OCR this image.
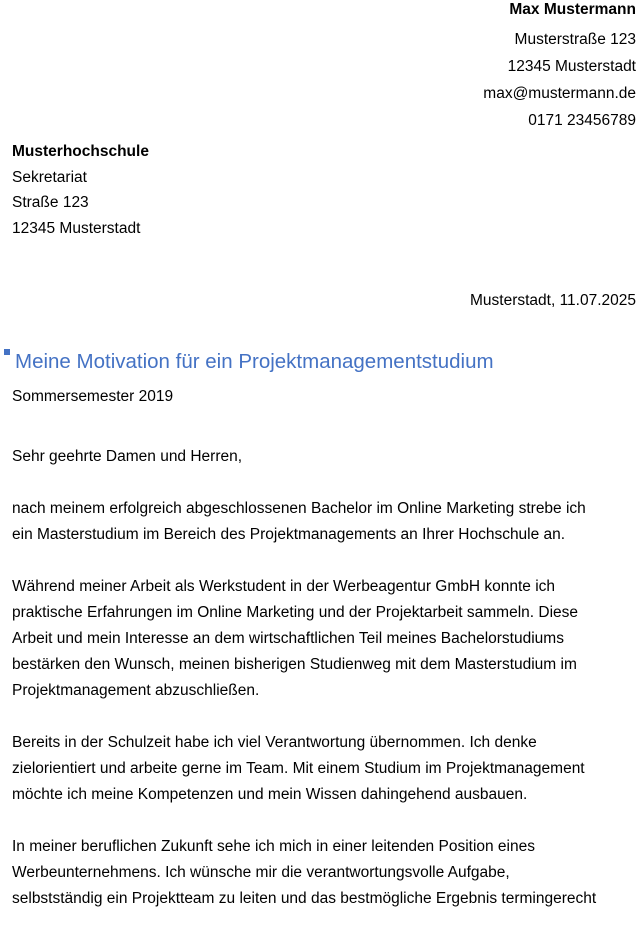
Max Mustermann
Musterstraße 123
12345 Musterstadt
max@mustermann.de
0171 23456789
Musterhochschule
Sekretariat
Straße 123
12345 Musterstadt
Musterstadt, 11.07.2025
Meine Motivation für ein Projektmanagementstudium
Sommersemester 2019

Sehr geehrte Damen und Herren,

nach meinem erfolgreich abgeschlossenen Bachelor im Online Marketing strebe ich
ein Masterstudium im Bereich des Projektmanagements an Ihrer Hochschule an.

Während meiner Arbeit als Werkstudent in der Werbeagentur GmbH konnte ich
praktische Erfahrungen im Online Marketing und der Projektarbeit sammeln. Diese
Arbeit und mein Interesse an dem wirtschaftlichen Teil meines Bachelorstudiums
bestärken den Wunsch, meinen bisherigen Studienweg mit dem Masterstudium im
Projektmanagement abzuschließen.

Bereits in der Schulzeit habe ich viel Verantwortung übernommen. Ich denke
zielorientiert und arbeite gerne im Team. Mit einem Studium im Projektmanagement
möchte ich meine Kompetenzen und mein Wissen dahingehend ausbauen.

In meiner beruflichen Zukunft sehe ich mich in einer leitenden Position eines
Werbeunternehmens. Ich wünsche mir die verantwortungsvolle Aufgabe,
selbstständig ein Projektteam zu leiten und das bestmögliche Ergebnis termingerecht
